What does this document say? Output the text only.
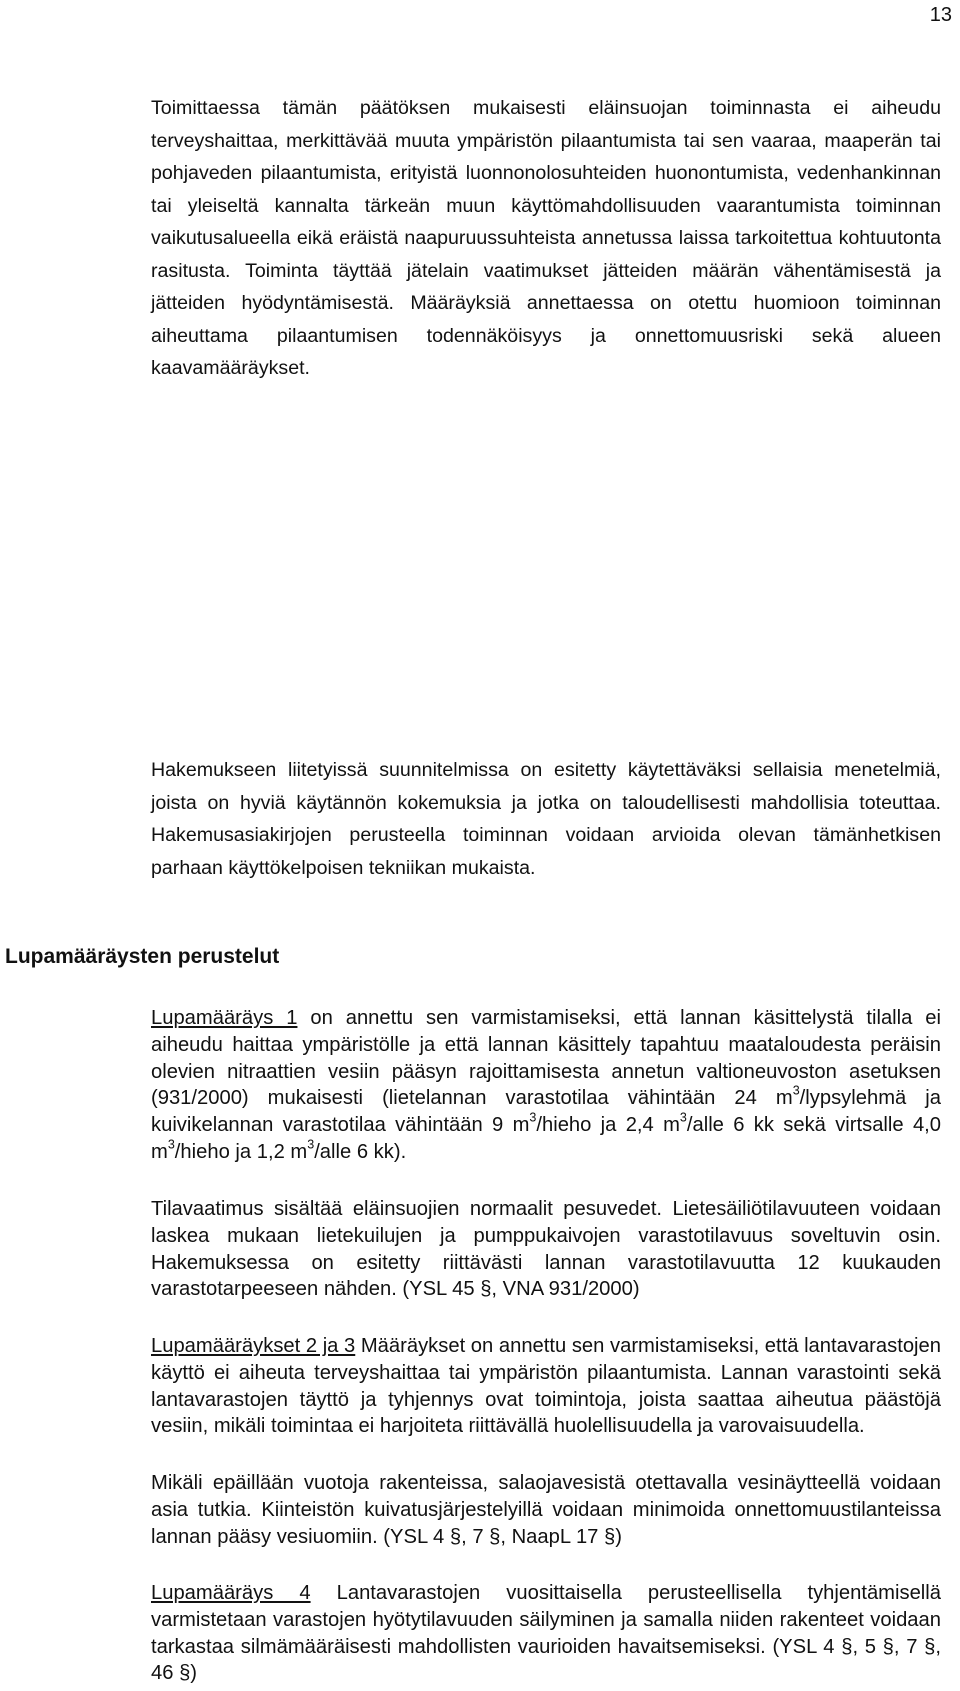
13

Toimittaessa tämän päätöksen mukaisesti eläinsuojan toiminnasta ei aiheudu terveyshaittaa, merkittävää muuta ympäristön pilaantumista tai sen vaaraa, maaperän tai pohjaveden pilaantumista, erityistä luonnonolosuhteiden huonontumista, vedenhankinnan tai yleiseltä kannalta tärkeän muun käyttömahdollisuuden vaarantumista toiminnan vaikutusalueella eikä eräistä naapuruussuhteista annetussa laissa tarkoitettua kohtuutonta rasitusta. Toiminta täyttää jätelain vaatimukset jätteiden määrän vähentämisestä ja jätteiden hyödyntämisestä. Määräyksiä annettaessa on otettu huomioon toiminnan aiheuttama pilaantumisen todennäköisyys ja onnettomuusriski sekä alueen kaavamääräykset.

Hakemukseen liitetyissä suunnitelmissa on esitetty käytettäväksi sellaisia menetelmiä, joista on hyviä käytännön kokemuksia ja jotka on taloudellisesti mahdollisia toteuttaa. Hakemusasiakirjojen perusteella toiminnan voidaan arvioida olevan tämänhetkisen parhaan käyttökelpoisen tekniikan mukaista.

Lupamääräysten perustelut

Lupamääräys 1 on annettu sen varmistamiseksi, että lannan käsittelystä tilalla ei aiheudu haittaa ympäristölle ja että lannan käsittely tapahtuu maataloudesta peräisin olevien nitraattien vesiin pääsyn rajoittamisesta annetun valtioneuvoston asetuksen (931/2000) mukaisesti (lietelannan varastotilaa vähintään 24 $m^3$/lypsylehmä ja kuivikelannan varastotilaa vähintään 9 $m^3$/hieho ja 2,4 $m^3$/alle 6 kk sekä virtsalle 4,0 $m^3$/hieho ja 1,2 $m^3$/alle 6 kk).

Tilavaatimus sisältää eläinsuojien normaalit pesuvedet. Lietesäiliötilavuuteen voidaan laskea mukaan lietekuilujen ja pumppukaivojen varastotilavuus soveltuvin osin. Hakemuksessa on esitetty riittävästi lannan varastotilavuutta 12 kuukauden varastotarpeeseen nähden. (YSL 45 §, VNA 931/2000)

Lupamääräykset 2 ja 3 Määräykset on annettu sen varmistamiseksi, että lantavarastojen käyttö ei aiheuta terveyshaittaa tai ympäristön pilaantumista. Lannan varastointi sekä lantavarastojen täyttö ja tyhjennys ovat toimintoja, joista saattaa aiheutua päästöjä vesiin, mikäli toimintaa ei harjoiteta riittävällä huolellisuudella ja varovaisuudella.

Mikäli epäillään vuotoja rakenteissa, salaojavesistä otettavalla vesinäytteellä voidaan asia tutkia. Kiinteistön kuivatusjärjestelyillä voidaan minimoida onnettomuustilanteissa lannan pääsy vesiuomiin. (YSL 4 §, 7 §, NaapL 17 §)

Lupamääräys 4 Lantavarastojen vuosittaisella perusteellisella tyhjentämisellä varmistetaan varastojen hyötytilavuuden säilyminen ja samalla niiden rakenteet voidaan tarkastaa silmämääräisesti mahdollisten vaurioiden havaitsemiseksi. (YSL 4 §, 5 §, 7 §, 46 §)
